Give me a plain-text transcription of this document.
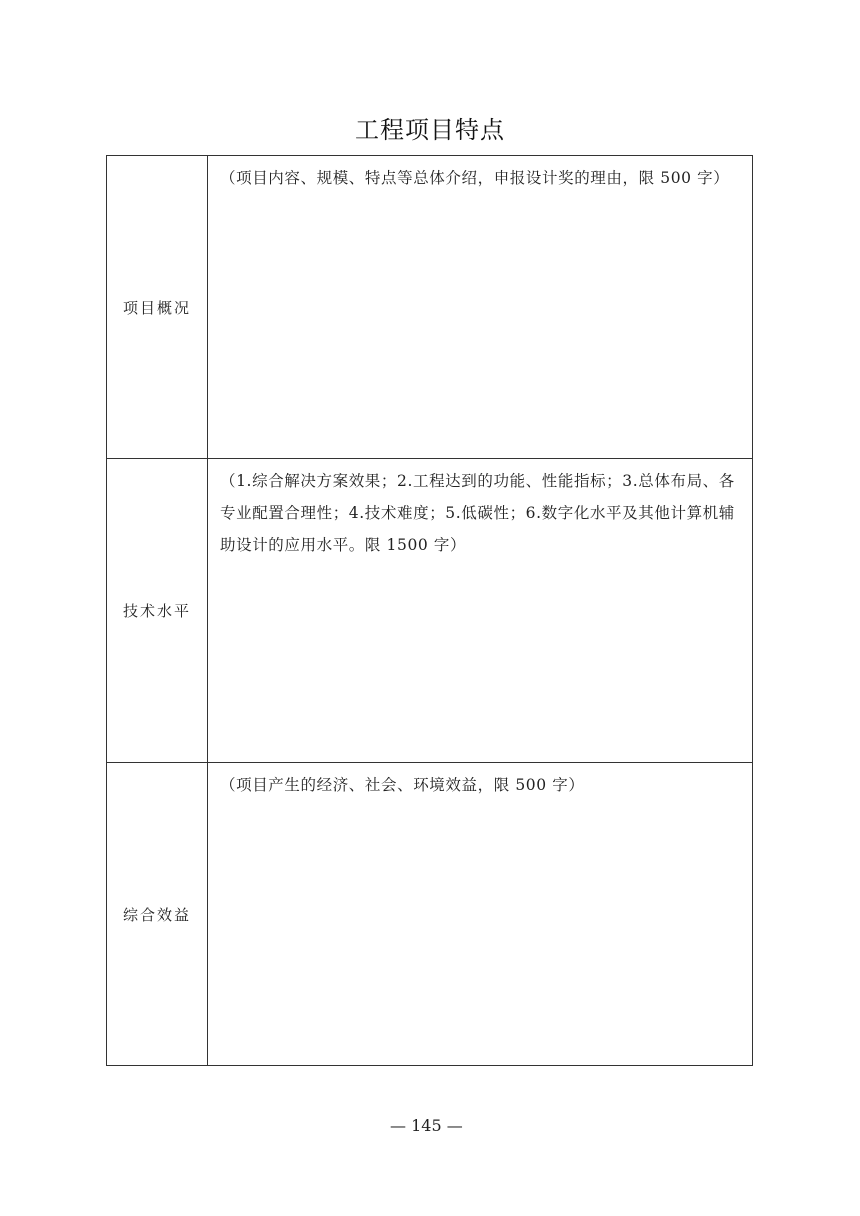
工程项目特点
项目概况	（项目内容、规模、特点等总体介绍，申报设计奖的理由，限 500 字）
技术水平	（1.综合解决方案效果；2.工程达到的功能、性能指标；3.总体布局、各专业配置合理性；4.技术难度；5.低碳性；6.数字化水平及其他计算机辅助设计的应用水平。限 1500 字）
综合效益	（项目产生的经济、社会、环境效益，限 500 字）
— 145 —
